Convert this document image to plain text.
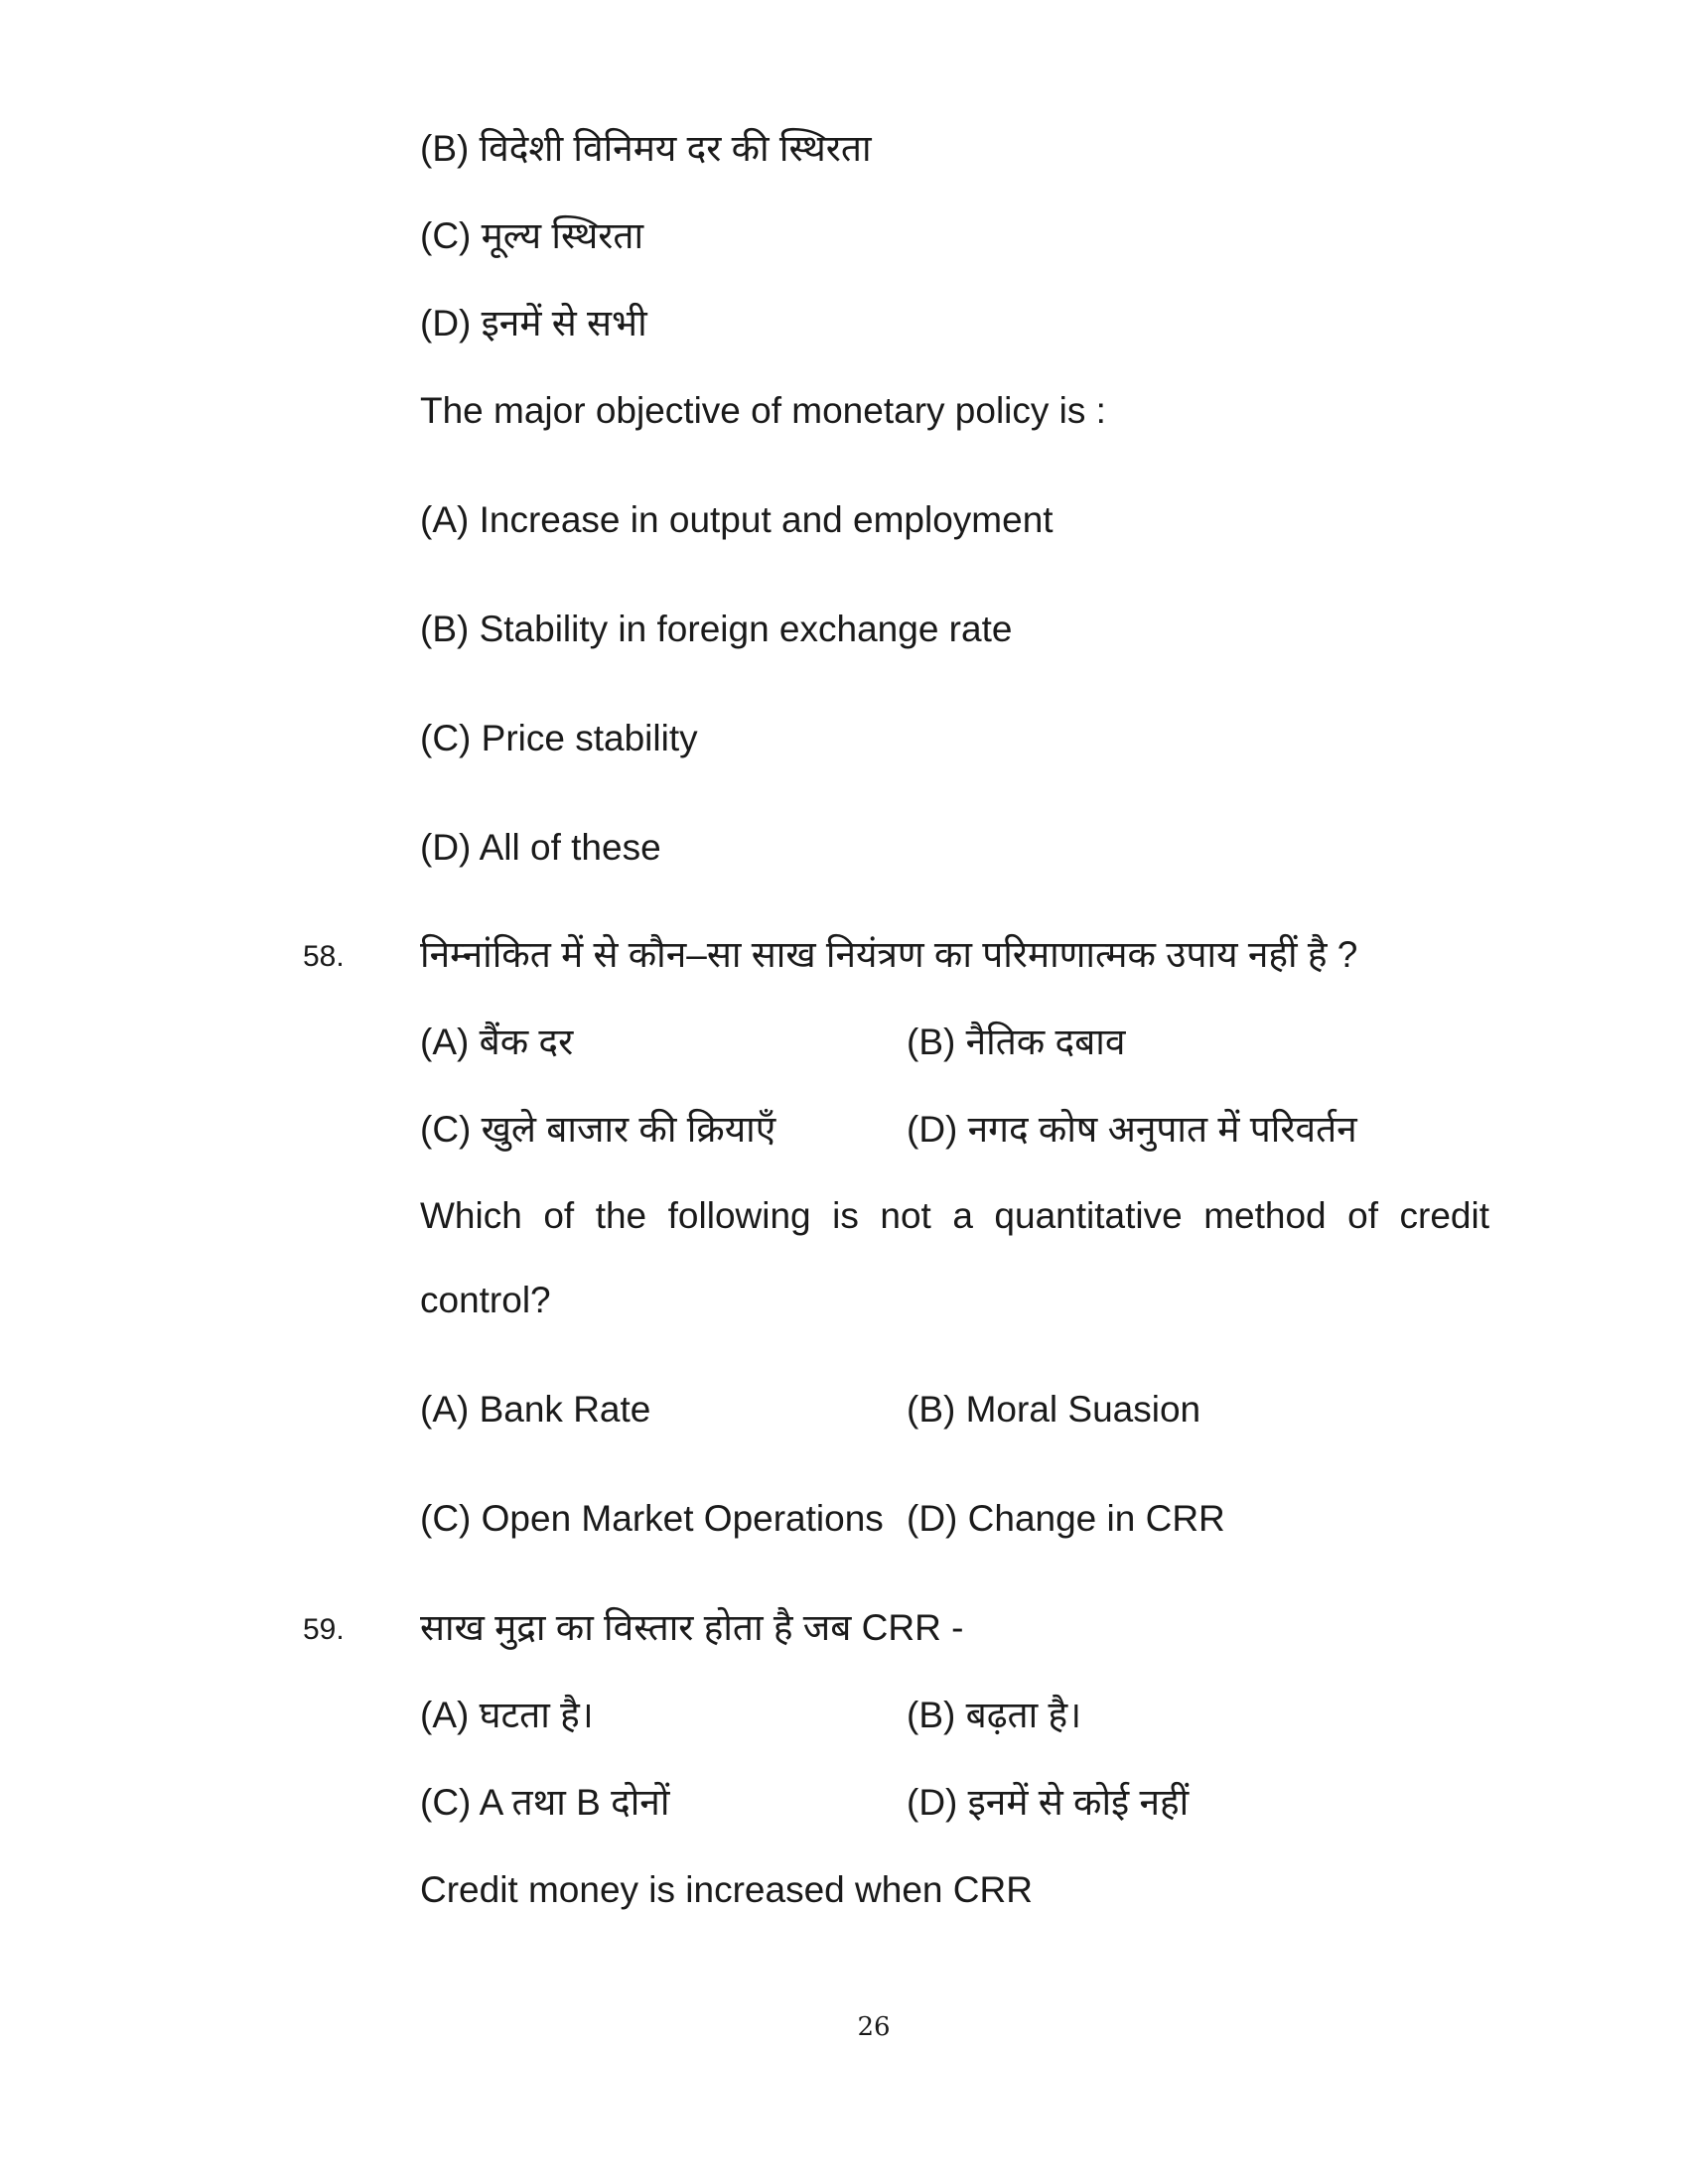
(B) विदेशी विनिमय दर की स्थिरता
(C) मूल्य स्थिरता
(D) इनमें से सभी
The major objective of monetary policy is :
(A) Increase in output and employment
(B) Stability in foreign exchange rate
(C) Price stability
(D) All of these
58. निम्नांकित में से कौन–सा साख नियंत्रण का परिमाणात्मक उपाय नहीं है ?
(A) बैंक दर	(B) नैतिक दबाव
(C) खुले बाजार की क्रियाएँ	(D) नगद कोष अनुपात में परिवर्तन
Which of the following is not a quantitative method of credit
control?
(A) Bank Rate	(B) Moral Suasion
(C) Open Market Operations (D) Change in CRR
59. साख मुद्रा का विस्तार होता है जब CRR -
(A) घटता है।	(B) बढ़ता है।
(C) A तथा B दोनों	(D) इनमें से कोई नहीं
Credit money is increased when CRR
26
